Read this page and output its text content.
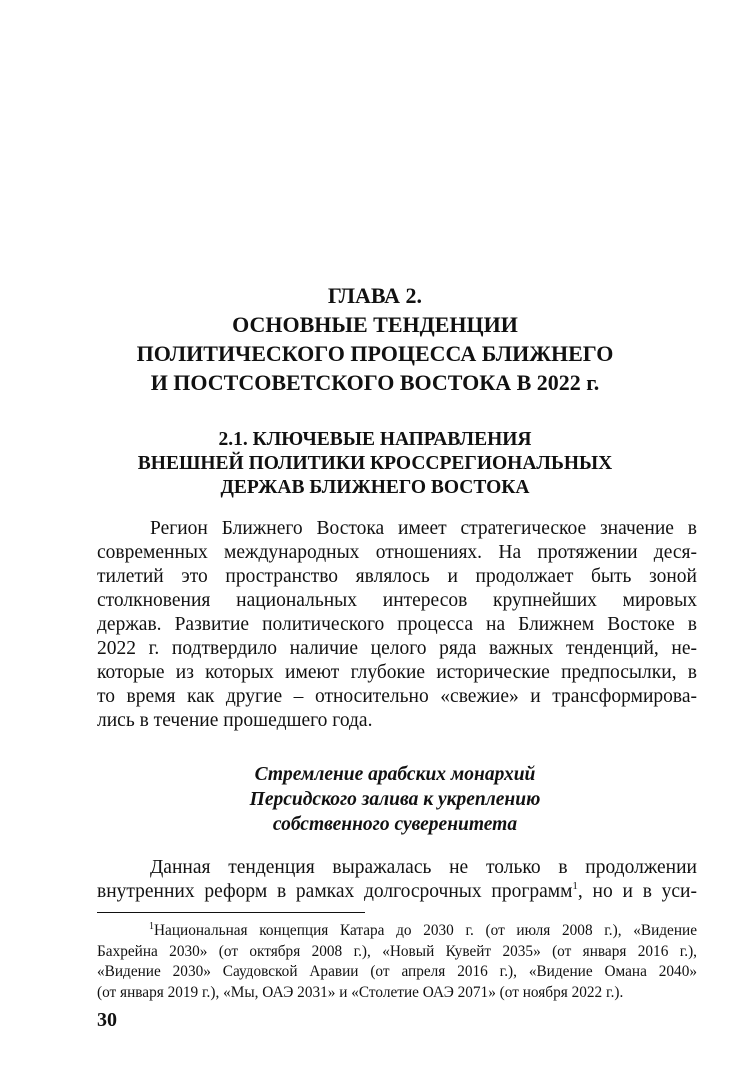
ГЛАВА 2.
ОСНОВНЫЕ ТЕНДЕНЦИИ
ПОЛИТИЧЕСКОГО ПРОЦЕССА БЛИЖНЕГО
И ПОСТСОВЕТСКОГО ВОСТОКА В 2022 г.
2.1. КЛЮЧЕВЫЕ НАПРАВЛЕНИЯ
ВНЕШНЕЙ ПОЛИТИКИ КРОССРЕГИОНАЛЬНЫХ
ДЕРЖАВ БЛИЖНЕГО ВОСТОКА

Регион Ближнего Востока имеет стратегическое значение в
современных международных отношениях. На протяжении деся-
тилетий это пространство являлось и продолжает быть зоной
столкновения национальных интересов крупнейших мировых
держав. Развитие политического процесса на Ближнем Востоке в
2022 г. подтвердило наличие целого ряда важных тенденций, не-
которые из которых имеют глубокие исторические предпосылки, в
то время как другие – относительно «свежие» и трансформирова-
лись в течение прошедшего года.

Стремление арабских монархий
Персидского залива к укреплению
собственного суверенитета

Данная тенденция выражалась не только в продолжении
внутренних реформ в рамках долгосрочных программ$^1$, но и в уси-

$^1$Национальная концепция Катара до 2030 г. (от июля 2008 г.), «Видение
Бахрейна 2030» (от октября 2008 г.), «Новый Кувейт 2035» (от января 2016 г.),
«Видение 2030» Саудовской Аравии (от апреля 2016 г.), «Видение Омана 2040»
(от января 2019 г.), «Мы, ОАЭ 2031» и «Столетие ОАЭ 2071» (от ноября 2022 г.).
30
